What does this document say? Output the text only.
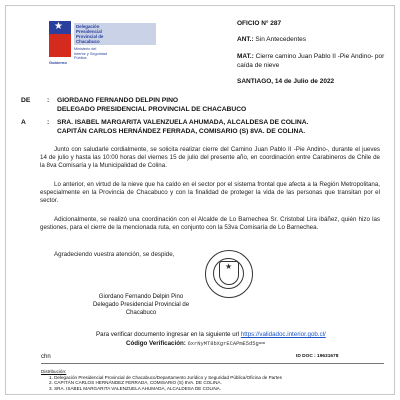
★	Delegación
Presidencial
Provincial de
Chacabuco
Ministerio del
Interior y Seguridad
Pública
Gobierno
OFICIO N° 287
ANT.: Sin Antecedentes
MAT.: Cierre camino Juan Pablo II -Pie Andino- por caída de nieve
SANTIAGO, 14 de Julio de 2022
DE	: GIORDANO FERNANDO DELPIN PINO
DELEGADO PRESIDENCIAL PROVINCIAL DE CHACABUCO
A	: SRA. ISABEL MARGARITA VALENZUELA AHUMADA, ALCALDESA DE COLINA.
CAPITÁN CARLOS HERNÁNDEZ FERRADA, COMISARIO (S) 8VA. DE COLINA.
Junto con saludarle cordialmente, se solicita realizar cierre del Camino Juan Pablo II -Pie Andino-, durante el jueves 14 de julio y hasta las 10:00 horas del viernes 15 de julio del presente año, en coordinación entre Carabineros de Chile de la 8va Comisaría y la Municipalidad de Colina.
Lo anterior, en virtud de la nieve que ha caído en el sector por el sistema frontal que afecta a la Región Metropolitana, especialmente en la Provincia de Chacabuco y con la finalidad de proteger la vida de las personas que transitan por el sector.
Adicionalmente, se realizó una coordinación con el Alcalde de Lo Barnechea Sr. Cristobal Lira ibáñez, quién hizo las gestiones, para el cierre de la mencionada ruta, en conjunto con la 53va Comisaría de Lo Barnechea.
Agradeciendo vuestra atención, se despide,
★
Giordano Fernando Delpin Pino
Delegado Presidencial Provincial de Chacabuco
Para verificar documento ingresar en la siguiente url https://validadoc.interior.gob.cl/
Código Verificación: 6xrNyMT8bXgrECAPmE5d5g==
chn	ID DOC : 19631678
Distribución:
1. Delegación Presidencial Provincial de Chacabuco/Departamento Jurídico y Seguridad Pública/Oficina de Partes
2. CAPITÁN CARLOS HERNÁNDEZ FERRADA, COMISARIO (S) 8VA. DE COLINA.
3. SRA. ISABEL MARGARITA VALENZUELA AHUMADA, ALCALDESA DE COLINA.
